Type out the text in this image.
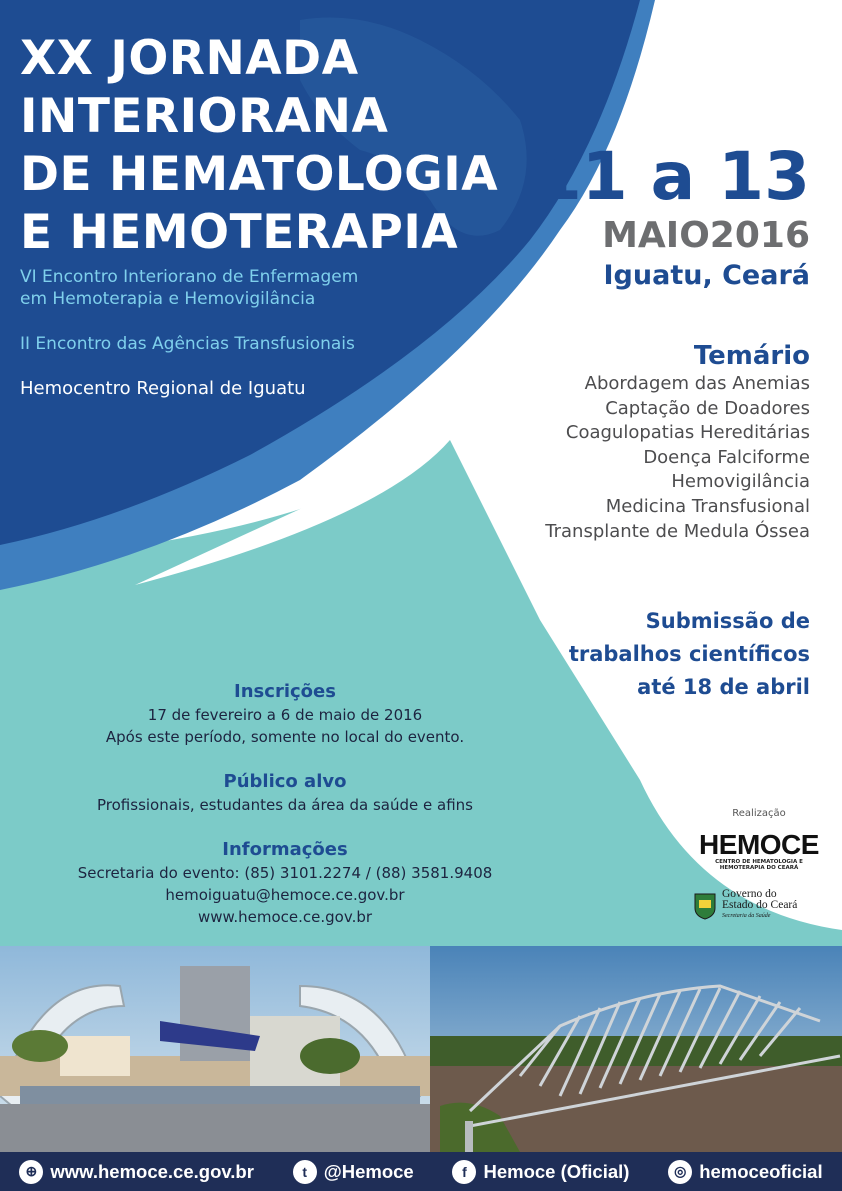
XX JORNADA
INTERIORANA
DE HEMATOLOGIA
E HEMOTERAPIA
VI Encontro Interiorano de Enfermagem
em Hemoterapia e Hemovigilância
II Encontro das Agências Transfusionais
Hemocentro Regional de Iguatu
11 a 13
MAIO2016
Iguatu, Ceará
Temário
Abordagem das Anemias
Captação de Doadores
Coagulopatias Hereditárias
Doença Falciforme
Hemovigilância
Medicina Transfusional
Transplante de Medula Óssea
Submissão de
trabalhos científicos
até 18 de abril
Inscrições

17 de fevereiro a 6 de maio de 2016

Após este período, somente no local do evento.

Público alvo

Profissionais, estudantes da área da saúde e afins

Informações

Secretaria do evento: (85) 3101.2274 / (88) 3581.9408

hemoiguatu@hemoce.ce.gov.br

www.hemoce.ce.gov.br

Realização
HEMOCE
CENTRO DE HEMATOLOGIA E HEMOTERAPIA DO CEARÁ
Governo do
Estado do Ceará
Secretaria da Saúde
⊕ www.hemoce.ce.gov.br	t @Hemoce	f Hemoce (Oficial)	◎ hemoceoficial
